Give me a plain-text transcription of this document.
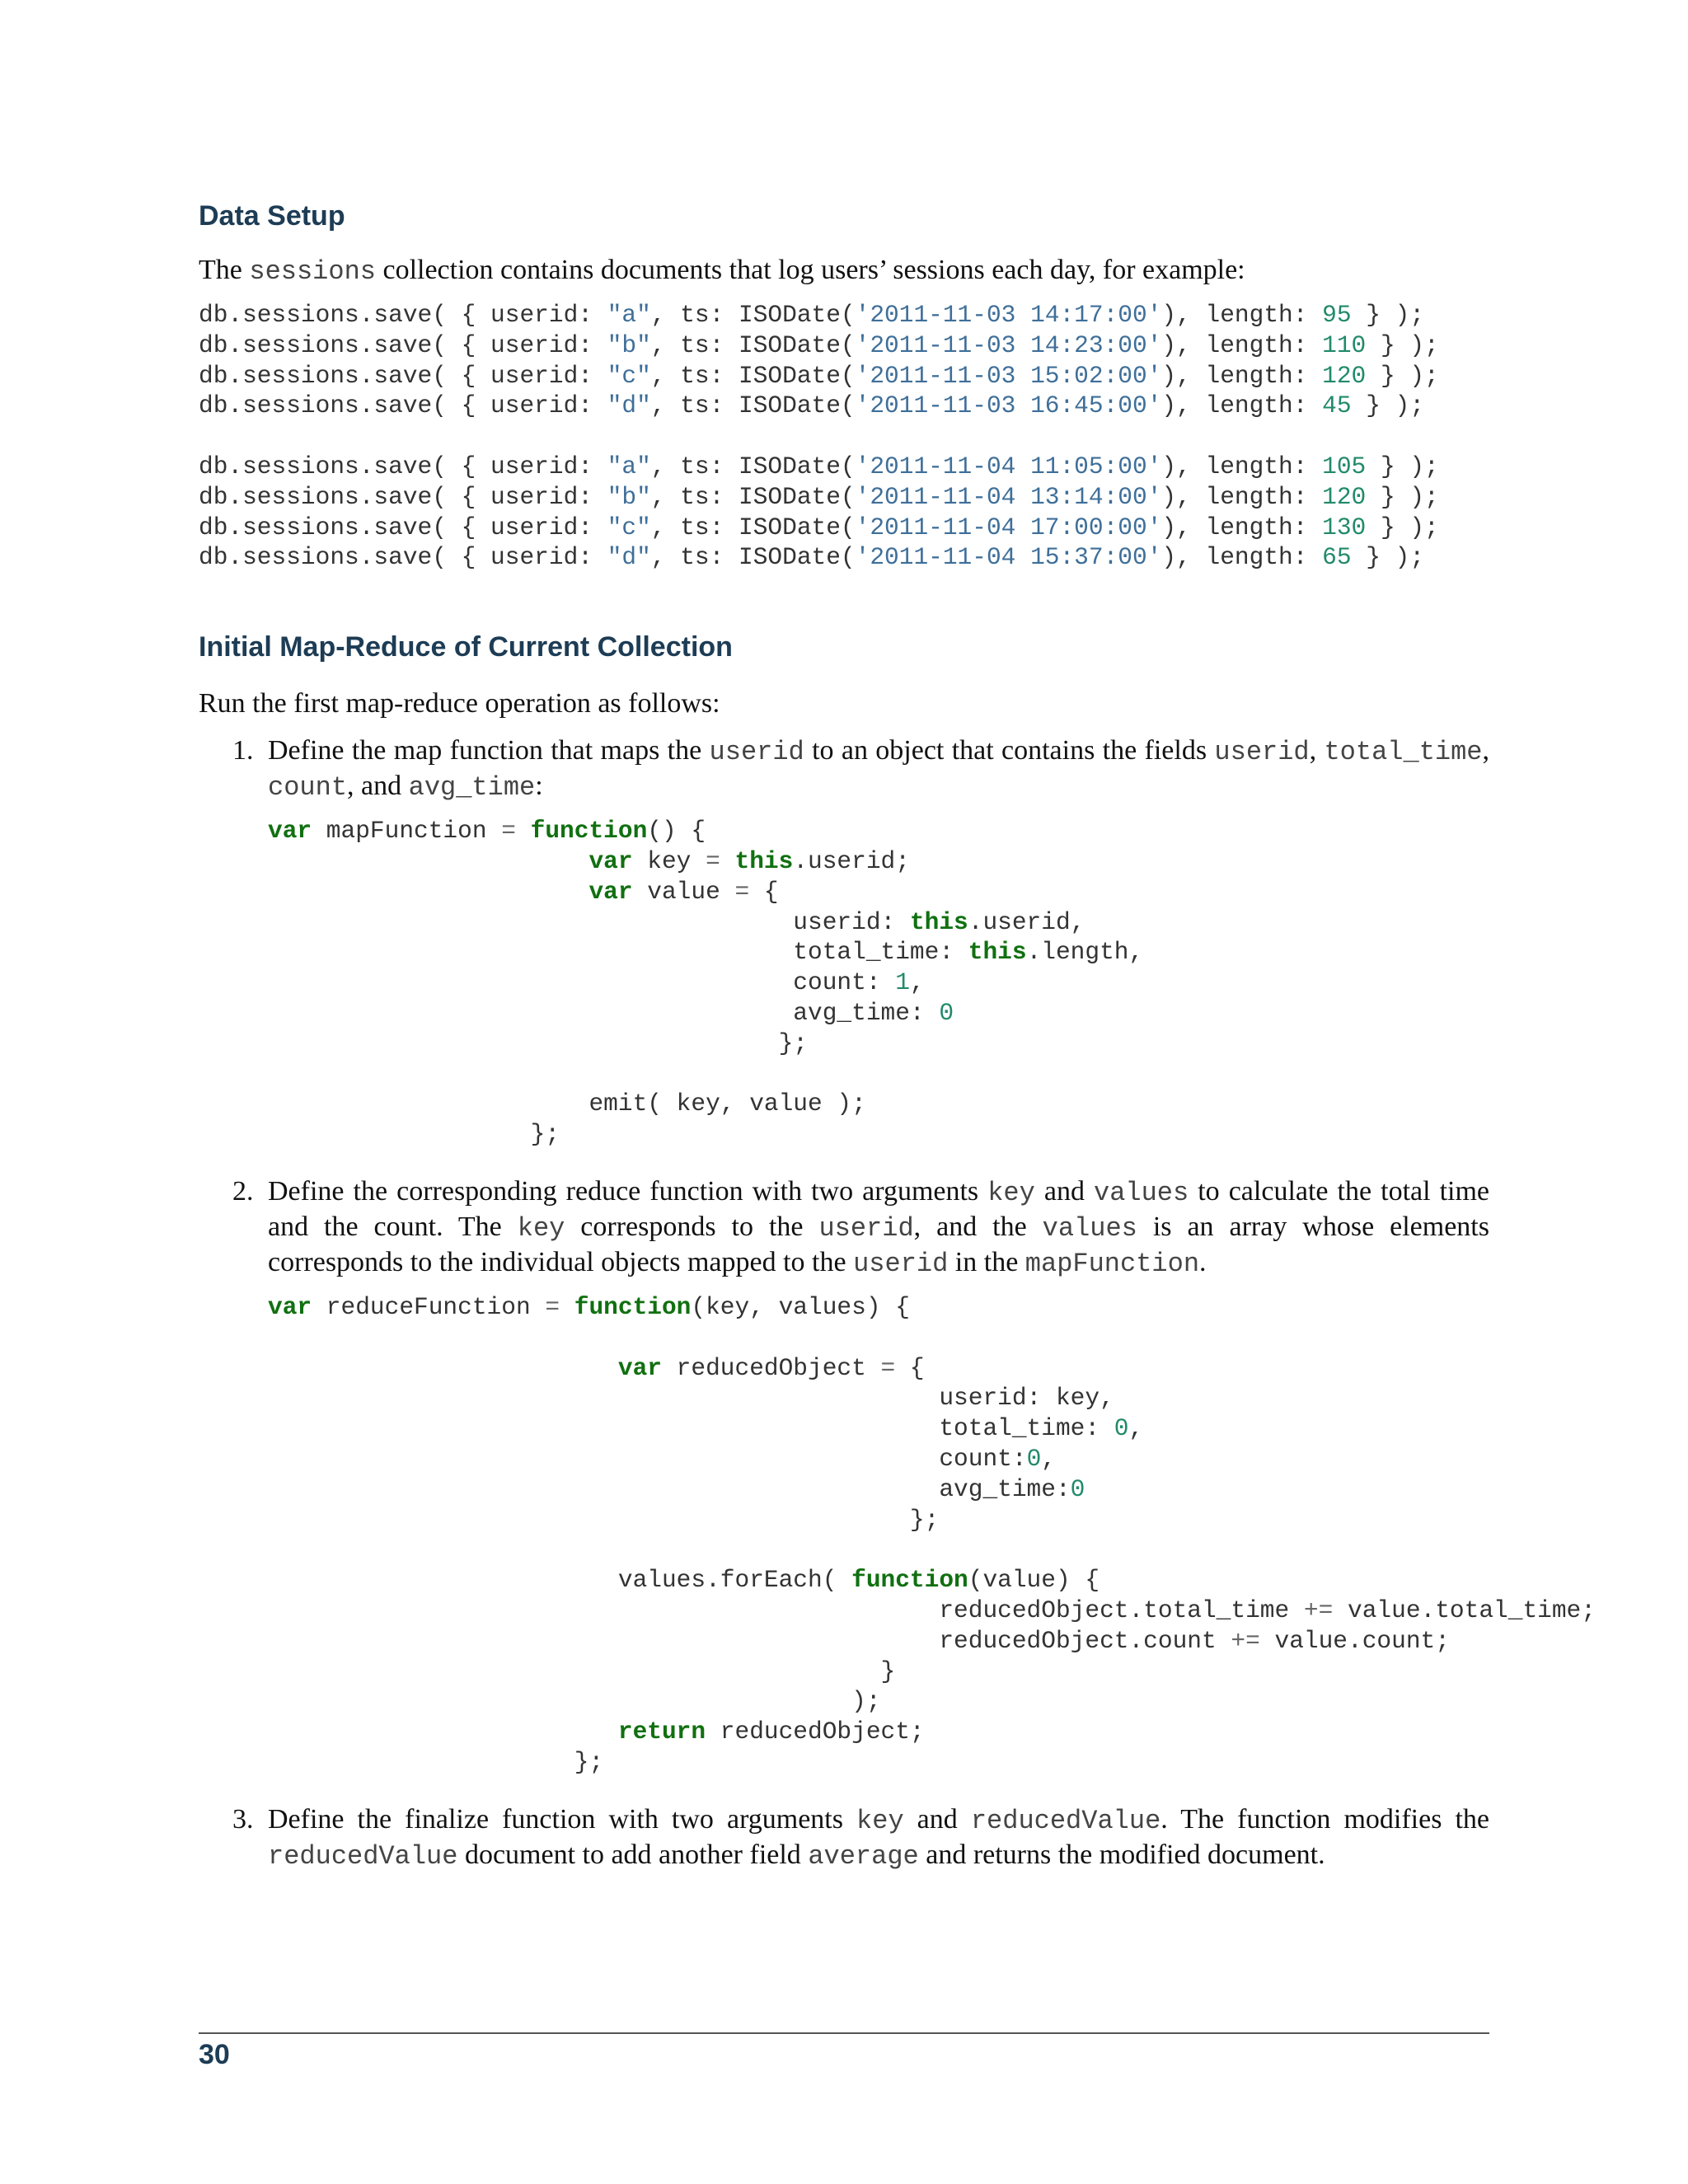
Data Setup

The sessions collection contains documents that log users’ sessions each day, for example:

db.sessions.save( { userid: "a", ts: ISODate('2011-11-03 14:17:00'), length: 95 } );
db.sessions.save( { userid: "b", ts: ISODate('2011-11-03 14:23:00'), length: 110 } );
db.sessions.save( { userid: "c", ts: ISODate('2011-11-03 15:02:00'), length: 120 } );
db.sessions.save( { userid: "d", ts: ISODate('2011-11-03 16:45:00'), length: 45 } );

db.sessions.save( { userid: "a", ts: ISODate('2011-11-04 11:05:00'), length: 105 } );
db.sessions.save( { userid: "b", ts: ISODate('2011-11-04 13:14:00'), length: 120 } );
db.sessions.save( { userid: "c", ts: ISODate('2011-11-04 17:00:00'), length: 130 } );
db.sessions.save( { userid: "d", ts: ISODate('2011-11-04 15:37:00'), length: 65 } );
Initial Map-Reduce of Current Collection

Run the first map-reduce operation as follows:

1. Define the map function that maps the userid to an object that contains the fields userid, total_time, count, and avg_time:

var mapFunction = function() {
var key = this.userid;
var value = {
userid: this.userid,
total_time: this.length,
count: 1,
avg_time: 0
};

emit( key, value );
};
2. Define the corresponding reduce function with two arguments key and values to calculate the total time and the count. The key corresponds to the userid, and the values is an array whose elements corresponds to the individual objects mapped to the userid in the mapFunction.

var reduceFunction = function(key, values) {

var reducedObject = {
userid: key,
total_time: 0,
count:0,
avg_time:0
};

values.forEach( function(value) {
reducedObject.total_time += value.total_time;
reducedObject.count += value.count;
}
);
return reducedObject;
};
3. Define the finalize function with two arguments key and reducedValue. The function modifies the reducedValue document to add another field average and returns the modified document.

30
